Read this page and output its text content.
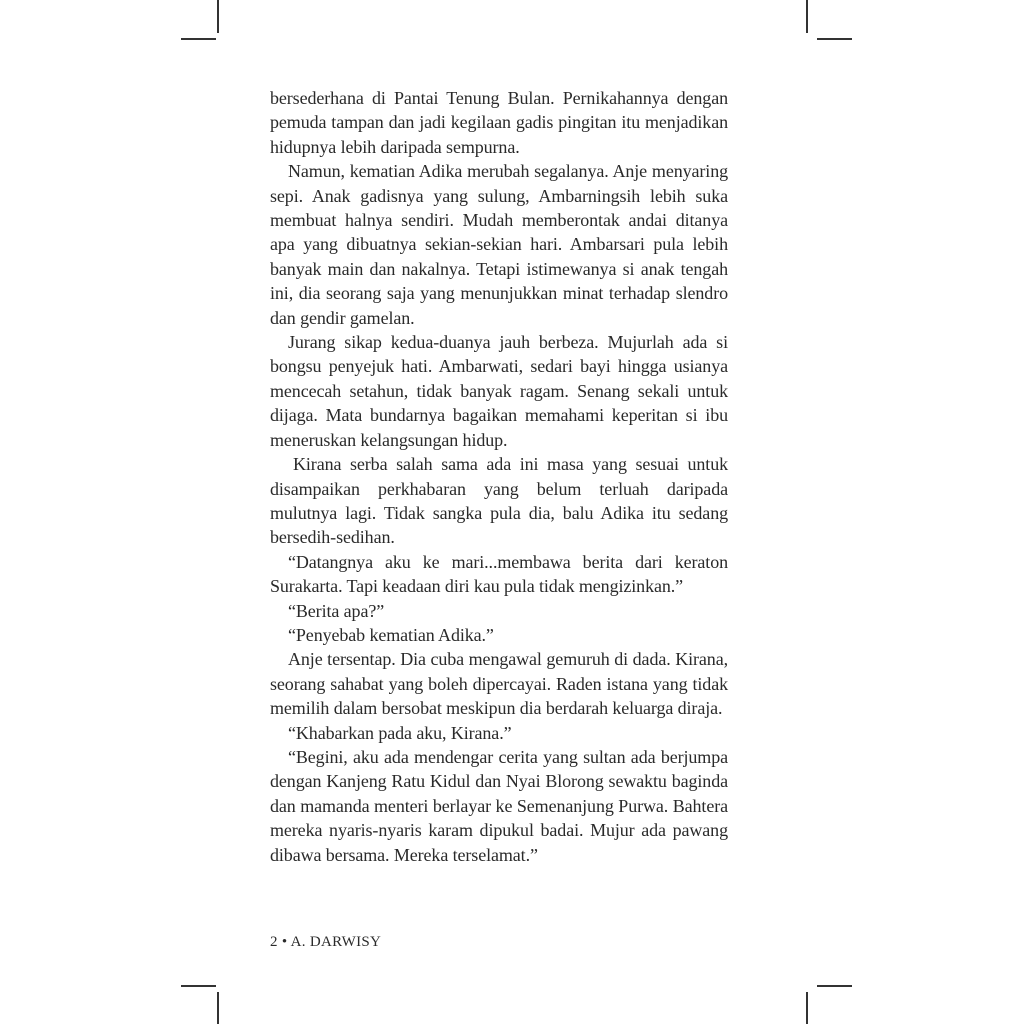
bersederhana di Pantai Tenung Bulan. Pernikahannya dengan pemuda tampan dan jadi kegilaan gadis pingitan itu menjadikan hidupnya lebih daripada sempurna.

Namun, kematian Adika merubah segalanya. Anje menyaring sepi. Anak gadisnya yang sulung, Ambarningsih lebih suka membuat halnya sendiri. Mudah memberontak andai ditanya apa yang dibuatnya sekian-sekian hari. Ambarsari pula lebih banyak main dan nakalnya. Tetapi istimewanya si anak tengah ini, dia seorang saja yang menunjukkan minat terhadap slendro dan gendir gamelan.

Jurang sikap kedua-duanya jauh berbeza. Mujurlah ada si bongsu penyejuk hati. Ambarwati, sedari bayi hingga usianya mencecah setahun, tidak banyak ragam. Senang sekali untuk dijaga. Mata bundarnya bagaikan memahami keperitan si ibu meneruskan kelangsungan hidup.

Kirana serba salah sama ada ini masa yang sesuai untuk disampaikan perkhabaran yang belum terluah daripada mulutnya lagi. Tidak sangka pula dia, balu Adika itu sedang bersedih-sedihan.

“Datangnya aku ke mari...membawa berita dari keraton Surakarta. Tapi keadaan diri kau pula tidak mengizinkan.”

“Berita apa?”

“Penyebab kematian Adika.”

Anje tersentap. Dia cuba mengawal gemuruh di dada. Kirana, seorang sahabat yang boleh dipercayai. Raden istana yang tidak memilih dalam bersobat meskipun dia berdarah keluarga diraja.

“Khabarkan pada aku, Kirana.”

“Begini, aku ada mendengar cerita yang sultan ada berjumpa dengan Kanjeng Ratu Kidul dan Nyai Blorong sewaktu baginda dan mamanda menteri berlayar ke Semenanjung Purwa. Bahtera mereka nyaris-nyaris karam dipukul badai. Mujur ada pawang dibawa bersama. Mereka terselamat.”

2 • A. DARWISY
